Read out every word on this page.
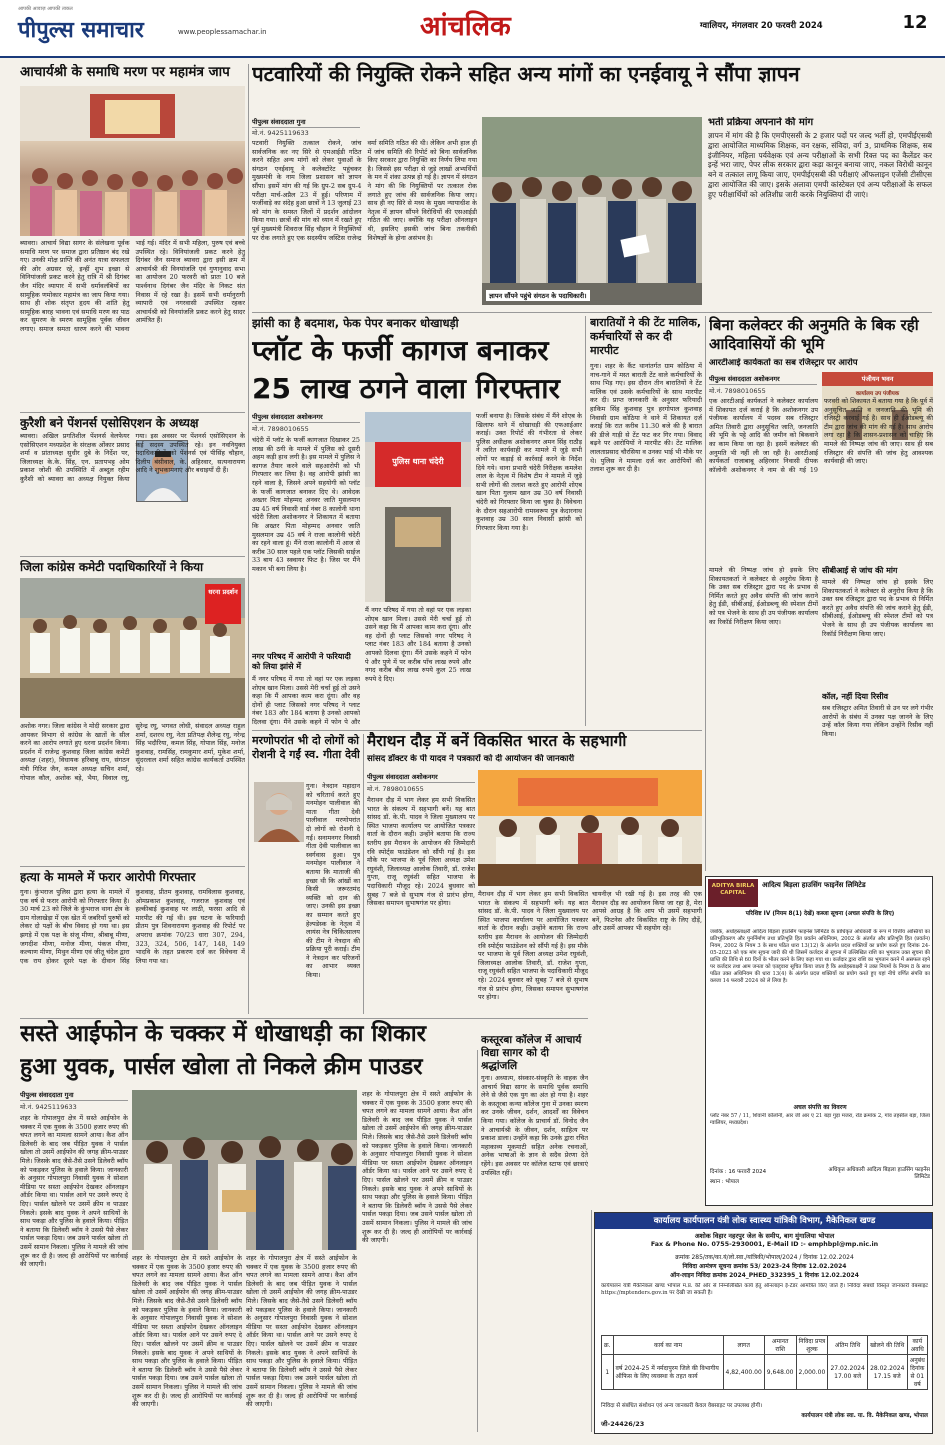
आपकी आवाज़ आपकी ताकत
पीपुल्स समाचार	www.peoplessamachar.in	आंचलिक	ग्वालियर, मंगलवार 20 फरवरी 2024	12
आचार्यश्री के समाधि मरण पर महामंत्र जाप
ब्यावरा। आचार्य विद्या सागर के संलेखना पूर्वक समाधि मरण पर समाज द्वारा प्रतिष्ठान बंद रखे गए। उनकी मोक्ष प्राप्ति की अनंत यात्रा सफलता की ओर अग्रसर रहे, इन्हीं शुभ इच्छा से विनियांजली प्रकट करने हेतु रात्रि में श्री दिगंबर जैन मंदिर व्यापार में सभी धर्मावलंबियों का सामूहिक णमोकार महामंत्र का जाप किया गया। साथ ही शोक संतृप्त हृदय की शांति हेतु सामूहिक बारह भावना एवं समाधि मरण का पाठ कर सुमरण के स्मरण सामूहिक पूर्वक जीवन लगाए। समाज समता धारण करने की भावना भाई गई। मंदिर में सभी महिला, पुरुष एवं बच्चे उपस्थित रहे। विनियांजली प्रकट करने हेतु दिगंबर जैन समाज ब्यावरा द्वारा इसी क्रम में आचार्यश्री की विनयांजलि एवं गुणानुवाद सभा का आयोजन 20 फरवरी को प्रातः 10 बजे पार्श्वनाथ दिगंबर जैन मंदिर के निकट संत निवास में रहे रखा है। इसमें सभी धर्मानुरागी व्यापारी एवं नगरवासी उपस्थित रहकर आचार्यश्री को विनयांजलि प्रकट करने हेतु सादर आमंत्रित हैं।
कुरैशी बने पेंशनर्स एसोसिएशन के अध्यक्ष
ब्यावरा। अखिल प्रगतिशील पेंशनर्स वेलफेयर एसोसिएशन मध्यप्रदेश के संरक्षक ओंकार प्रसाद शर्मा व प्रांताध्यक्ष सुधीर दुबे के निर्देश पर, जिलाध्यक्ष के.के. सिंह, एन. प्रतापभट्ट ओम प्रकाश जोशी की उपस्थिति में अब्दुल रहीम कुरैशी को ब्यावरा का अध्यक्ष नियुक्त किया गया। इस अवसर पर पेंशनर्स एसोसिएशन के कई सदस्य उपस्थित रहे। इन नवनियुक्त पदाधिकारियों को पेंशनर्स एवं पीसिंह चौहान, दिलीप बंसीवाल, के. अहिरवार, सत्यनारायण आदि ने शुभकामनाएं और बधाइयाँ दी हैं।
जिला कांग्रेस कमेटी पदाधिकारियों ने किया
धरना प्रदर्शन
अशोक नगर। जिला कांग्रेस ने मोदी सरकार द्वारा आयकर विभाग से कांग्रेस के खातों के सील करने का आरोप लगाते हुए धरना प्रदर्शन किया। प्रदर्शन में राजेन्द्र कुशवाह जिला कांग्रेस कमेटी अध्यक्ष (शहर), विधायक हरिबाबू राय, संगठन मंत्री गिरिश जैन, कमल अध्यक्ष सचिन शर्मा, गोपाल कौल, अशोक बड़े, भैया, विवाल रघु, सुरेन्द्र रघु, भगवत लोधी, संवादल अध्यक्ष राहुल शर्मा, दशरथ रघु, नेता प्रतिपक्ष शैलेन्द्र रघु, नरेन्द्र सिंह भदौरिया, कमल सिंह, गोपाल सिंह, मनोज कुशवाह, रामसिंह, रामकुमार शर्मा, मुकेश शर्मा, सुंदरलाल शर्मा सहित कांग्रेस कार्यकर्ता उपस्थित रहे।
हत्या के मामले में फरार आरोपी गिरफ्तार
गुना। कुंभराज पुलिस द्वारा हत्या के मामले में एक वर्ष से फरार आरोपी को गिरफ्तार किया है। 30 मार्च 23 को जिले के कुंभराज थाना क्षेत्र के ग्राम गोलाखेड़ा में एक खेत में जबरियाँ पुरुषों को लेकर दो पक्षों के बीच विवाद हो गया था। इस झगड़े में एक पक्ष के संजू मीणा, श्रीबाबू मीणा, जगदीश मीणा, मनोज मीणा, पंकज मीणा, कल्याण मीणा, मिथुन मीणा एवं जीतू चंदेल द्वारा एक राय होकर दूसरे पक्ष के दीवान सिंह कुशवाह, प्रीतम कुशवाह, रामविलास कुशवाह, ओमप्रकाश कुशवाह, गजराज कुशवाह एवं हल्कीबाई कुशवाह पर लाठी, फरसा आदि से मारपीट की गई थी। इस घटना के फरियादी प्रीतम पुत्र शिवनारायण कुशवाह की रिपोर्ट पर अपराध क्रमांक 70/23 धारा 307, 294, 323, 324, 506, 147, 148, 149 भादवि के तहत प्रकरण दर्ज कर विवेचना में लिया गया था।
पटवारियों की नियुक्ति रोकने सहित अन्य मांगों का एनईवायू ने सौंपा ज्ञापन
पीपुल्स संवाददाता गुना
मो.नं. 9425119633
पटवारी नियुक्ति तत्काल रोकने, जांच सार्वजनिक कर नए सिरे से एमआईडी गठित करने सहित अन्य मांगों को लेकर युवाओं के संगठन एनईवायू ने कलेक्टोरेट पहुंचकर मुख्यमंत्री के नाम जिला प्रशासन को ज्ञापन सौंपा। इसमें मांग की गई कि ग्रुप-2 सब ग्रुप-4 परीक्षा मार्च-अप्रैल 23 में हुई। परिणाम में फर्जीवाड़े का संदेह हुआ छात्रों ने 13 जुलाई 23 को मांग के समस्त जिलों में प्रदर्शन आंदोलन किया गया। छात्रों की मांग को ध्यान में रखते हुए पूर्व मुख्यमंत्री शिवराज सिंह चौहान ने नियुक्तियों पर रोक लगाते हुए एक सदस्यीय जस्टिस राजेन्द्र वर्मा समिति गठित की थी। लेकिन अभी हाल ही में जांच समिति की रिपोर्ट को बिना सार्वजनिक किए सरकार द्वारा नियुक्ति का निर्णय लिया गया है। जिससे इस परीक्षा से जुड़े लाखों अभ्यर्थियों के मन में शंका उत्पन्न हो गई है। ज्ञापन में संगठन ने मांग की कि नियुक्तियों पर तत्काल रोक लगाते हुए जांच की सार्वजनिक किया जाए। साथ ही नए सिरे से मध्य के मुख्य न्यायाधीश के नेतृत्व में ज्ञापन सौंपने विरोधियों की एसआईडी गठित की जाए। क्योंकि यह परीक्षा ऑनलाइन थी, इसलिए इसकी जांच बिना तकनीकी विशेषज्ञों के होना असंभव है।
ज्ञापन सौंपने पहुंचे संगठन के पदाधिकारी।
भर्ती प्रक्रिया अपनाने की मांग
ज्ञापन में मांग की है कि एमपीएससी के 2 हजार पदों पर जल्द भर्ती हो, एमपीईएसबी द्वारा आयोजित माध्यमिक शिक्षक, वन रक्षक, संविदा, वर्ग 3, प्राथमिक शिक्षक, सब इंजीनियर, महिला पर्यवेक्षक एवं अन्य परीक्षाओं के सभी रिक्त पद का कैलेंडर कर इन्हें भरा जाए, पेपर लीक सरकार द्वारा कड़ा कानून बनाया जाए, नकल विरोधी कानून बने व तत्काल लागू किया जाए, एमपीईएसबी की परीक्षाएं ऑफलाइन एजेंसी टीसीएस द्वारा आयोजित की जाए। इसके अलावा एमपी कांस्टेबल एवं अन्य परीक्षाओं के सफल हुए परीक्षार्थियों को अतिशीघ्र जारी करके नियुक्तियां दी जाएं।
झांसी का है बदमाश, फेक पेपर बनाकर धोखाधड़ी
प्लॉट के फर्जी कागज बनाकर
25 लाख ठगने वाला गिरफ्तार
पीपुल्स संवाददाता अशोकनगर
मो.नं. 7898010655
चंदेरी में प्लॉट के फर्जी कागजात दिखाकर 25 लाख की ठगी के मामले में पुलिस को दूसरी अहम कड़ी हाथ लगी है। इस मामले में पुलिस ने कागज तैयार करने वाले सहआरोपी को भी गिरफ्तार कर लिया है। वह आरोपी झांसी का रहने वाला है, जिसने अपने सहयोगी को प्लॉट के फर्जी कागजात बनाकर दिए थे। आवेदक अख्तर पिता मोहम्मद अनवर जाति मुसलमान उम्र 45 वर्ष निवासी वार्ड नंबर 8 कालोनी थाना चंदेरी जिला अशोकनगर ने शिकायत में बताया कि अख्तर पिता मोहम्मद अनवार जाति मुसलमान उम्र 45 वर्ष ने राजा कालोनी चंदेरी का रहने वाला हूं। मैंने राजा कालोनी में आज से करीब 30 साल पहले एक प्लॉट जिसकी साईज 33 बाय 43 स्क्वायर फिट है। जिस पर मैंने मकान भी बना लिया है।
नगर परिषद में आरोपी ने फरियादी को लिया झांसे में
मैं नगर परिषद में गया तो वहां पर एक लड़का शोएब खान मिला। उससे मेरी चर्चा हुई तो उसने कहा कि मैं आपका काम करा दूंगा। और वह दोनों ही प्लाट जिसको नगर परिषद ने प्लाट नंबर 183 और 184 बताया है उनको आपको दिलवा दूंगा। मैंने उसके कहने में फोन पे और
पुलिस थाना चंदेरी
मैं नगर परिषद में गया तो वहां पर एक लड़का शोएब खान मिला। उससे मेरी चर्चा हुई तो उसने कहा कि मैं आपका काम करा दूंगा। और वह दोनों ही प्लाट जिसको नगर परिषद ने प्लाट नंबर 183 और 184 बताया है उनको आपको दिलवा दूंगा। मैंने उसके कहने में फोन पे और पुणे में पर करीब पाँच लाख रुपये और नगद करीब बीस लाख रुपये कुल 25 लाख रुपये दे दिए।
फर्जी बनाया है। जिसके संबंध में मैंने शोएब के खिलाफ थाने में धोखाधड़ी की एफआईआर कराई। उक्त रिपोर्ट की गंभीरता से लेकर पुलिस अधीक्षक अशोकनगर अमन सिंह राठौड़ ने त्वरित कार्यवाही कर मामले में जुड़े सभी लोगों पर कड़ाई से कार्रवाई करने के निर्देश दिये गये। थाना प्रभारी चंदेरी निरीक्षक कमलेश लाल के नेतृत्व में विशेष टीम ने मामले में जुड़े सभी लोगों की तलाश करते हुए आरोपी शोएब खान पिता गुलाम खान उम्र 30 वर्ष निवासी चंदेरी को गिरफ्तार किया जा चुका है। विवेचना के दौरान सहआरोपी रामस्वरूप पुत्र केदारनाथ कुशवाह उम्र 30 साल निवासी झांसी को गिरफ्तार किया गया है।
बारातियों ने की टेंट मालिक, कर्मचारियों से कर दी मारपीट
गुना। शहर के कैंट थानांतर्गत ग्राम कोठिया में नाच-गाने में मस्त बाराती टेंट वाले कर्मचारियों के साथ भिड़ गए। इस दौरान तीन बारातियों ने टेंट मालिक एवं उसके कर्मचारियों के साथ मारपीट कर दी। प्राप्त जानकारी के अनुसार फरियादी हाकिम सिंह कुशवाह पुत्र हरगोपाल कुशवाह निवासी ग्राम कोठिया ने थाने में शिकायत दर्ज कराई कि रात करीब 11.30 बजे की है बारात की डीजे गाड़ी से टेंट फट कर गिर गया। विवाद बढ़ने पर आरोपियों ने मारपीट की। टेंट मालिक लालताप्रसाद चौरसिया व उनका भाई भी मौके पर थे। पुलिस ने मामला दर्ज कर आरोपियों की तलाश शुरू कर दी है।
बिना कलेक्टर की अनुमति के बिक रही आदिवासियों की भूमि
आरटीआई कार्यकर्ता का सब रजिस्ट्रार पर आरोप
पीपुल्स संवाददाता अशोकनगर
मो.नं. 7898010655
पंजीयन भवन
कार्यालय उप पंजीयक
एक आरटीआई कार्यकर्ता ने कलेक्टर कार्यालय में शिकायत दर्ज कराई है कि अशोकनगर उप पंजीयक कार्यालय में पदस्थ सब रजिस्ट्रार अमित तिवारी द्वारा अनुसूचित जाति, जनजाति की भूमि के पट्टे आदि की जमीन को बिकवाने का काम किया जा रहा है। इसमें कलेक्टर की अनुमति भी नहीं ली जा रही है। आरटीआई कार्यकर्ता राजाबाबू अहिरवार निवासी दीपक कॉलोनी अशोकनगर ने नाम से की गई 19 फरवरी को शिकायत में बताया गया है कि पूर्व में अनुसूचित जाति व जनजाति की भूमि की रजिस्ट्री करवाई गई है। साथ ही ईओडब्ल्यू की टीम द्वारा जांच की मांग की गई है। साथ आरोप लगा रहा है कि शासन-प्रशासन को चाहिए कि मामले की निष्पक्ष जांच की जाए। साथ ही सब रजिस्ट्रार की संपत्ति की जांच हेतु आवश्यक कार्यवाही की जाए।
सीबीआई से जांच की मांग
मामले की निष्पक्ष जांच हो इसके लिए शिकायतकर्ता ने कलेक्टर से अनुरोध किया है कि उक्त सब रजिस्ट्रार द्वारा पद के प्रभाव से निर्मित करते हुए अवैध संपत्ति की जांच कराने हेतु ईडी, सीबीआई, ईओडब्ल्यू की स्पेशल टीमों को पत्र भेजने के साथ ही उप पंजीयक कार्यालय का रिकॉर्ड निरीक्षण किया जाए।
कॉल, नहीं दिया रिसीव
सब रजिस्ट्रार अमित तिवारी से उन पर लगे गंभीर आरोपों के संबंध में उनका पक्ष जानने के लिए उन्हें कॉल किया गया लेकिन उन्होंने रिसीव नहीं किया।
मामले की निष्पक्ष जांच हो इसके लिए शिकायतकर्ता ने कलेक्टर से अनुरोध किया है कि उक्त सब रजिस्ट्रार द्वारा पद के प्रभाव से निर्मित करते हुए अवैध संपत्ति की जांच कराने हेतु ईडी, सीबीआई, ईओडब्ल्यू की स्पेशल टीमों को पत्र भेजने के साथ ही उप पंजीयक कार्यालय का रिकॉर्ड निरीक्षण किया जाए।
मरणोपरांत भी दो लोगों को रोशनी दे गईं स्व. गीता देवी
गुना। नेत्रदान महादान को चरितार्थ करते हुए मनमोहन पालीवाल की माता गीता देवी पालीवाल मरणोपरांत दो लोगों को रोशनी दे गईं। सनामनगर निवासी गीता देवी पालीवाल का स्वर्गवास हुआ। पुत्र मनमोहन पालीवाल ने बताया कि माताजी की इच्छा थी कि आंखों का किसी जरूरतमंद व्यक्ति को दान की जाए। उनकी इस इच्छा का सम्मान करते हुए हेल्पडेस्क के नेतृत्व में लायंस नेत्र चिकित्सालय की टीम ने नेत्रदान की प्रक्रिया पूरी कराई। टीम ने नेत्रदान कर परिजनों का आभार व्यक्त किया।
मैराथन दौड़ में बनें विकसित भारत के सहभागी
सांसद डॉक्टर के पी यादव ने पत्रकारों को दी आयोजन की जानकारी
पीपुल्स संवाददाता अशोकनगर
मो.नं. 7898010655
मैराथन दौड़ में भाग लेकर हम सभी विकसित भारत के संकल्प में सहभागी बनें। यह बात सांसद डॉ. के.पी. यादव ने जिला मुख्यालय पर स्थित भाजपा कार्यालय पर आयोजित पत्रकार वार्ता के दौरान कही। उन्होंने बताया कि राज्य स्तरीय इस मैराथन के आयोजन की जिम्मेदारी रवि स्पोर्ट्स फाउंडेशन को सौंपी गई है। इस मौके पर भाजपा के पूर्व जिला अध्यक्ष उमेश रघुवंशी, जिलाध्यक्ष आलोक तिवारी, डॉ. राजेश गुप्ता, राजू रघुवंशी सहित भाजपा के पदाधिकारी मौजूद रहे। 2024 बुधवार को सुबह 7 बजे से सुभाष गंज से प्रारंभ होगा, जिसका समापन सुभाषगंज पर होगा।
मैराथन दौड़ में भाग लेकर हम सभी विकसित भारत के संकल्प में सहभागी बनें। यह बात सांसद डॉ. के.पी. यादव ने जिला मुख्यालय पर स्थित भाजपा कार्यालय पर आयोजित पत्रकार वार्ता के दौरान कही। उन्होंने बताया कि राज्य स्तरीय इस मैराथन के आयोजन की जिम्मेदारी रवि स्पोर्ट्स फाउंडेशन को सौंपी गई है। इस मौके पर भाजपा के पूर्व जिला अध्यक्ष उमेश रघुवंशी, जिलाध्यक्ष आलोक तिवारी, डॉ. राजेश गुप्ता, राजू रघुवंशी सहित भाजपा के पदाधिकारी मौजूद रहे। 2024 बुधवार को सुबह 7 बजे से सुभाष गंज से प्रारंभ होगा, जिसका समापन सुभाषगंज पर होगा।
चायनीज़ भी रखी गई है। इस तरह की एक मैराथन दौड़ का आयोजन किया जा रहा है, मेरा आपसे आग्रह है कि आप भी उसमें सहभागी बनें, फिटनेस और विकसित राष्ट्र के लिए दौड़ें, और उसमें आपका भी सहयोग रहे।
ADITYA BIRLA CAPITAL
आदित्य बिड़ला हाउसिंग फाइनेंस लिमिटेड
परिशिष्ट IV (नियम 8(1) देखें) कब्जा सूचना (अचल संपत्ति के लिए)
जबकि, अधोहस्ताक्षरी आदित्य बिड़ला हाउसिंग फाइनेंस लिमिटेड के प्राधिकृत अधिकारी के रूप में वित्तीय आस्तियों का प्रतिभूतिकरण और पुनर्निर्माण तथा प्रतिभूति हित प्रवर्तन अधिनियम, 2002 के अंतर्गत और प्रतिभूति हित (प्रवर्तन) नियम, 2002 के नियम 3 के साथ पठित धारा 13(12) के अंतर्गत प्रदत्त शक्तियों का प्रयोग करते हुए दिनांक 24-05-2023 को एक मांग सूचना जारी की थी जिसमें कर्जदार से सूचना में उल्लिखित राशि का भुगतान उक्त सूचना की प्राप्ति की तिथि से 60 दिनों के भीतर करने के लिए कहा गया था। कर्जदार द्वारा राशि का भुगतान करने में असफल रहने पर कर्जदार तथा आम जनता को एतद्द्वारा सूचित किया जाता है कि अधोहस्ताक्षरी ने उक्त नियमों के नियम 8 के साथ पठित उक्त अधिनियम की धारा 13(4) के अंतर्गत प्रदत्त शक्तियों का प्रयोग करते हुए यहां नीचे वर्णित संपत्ति का कब्जा 14 फरवरी 2024 को ले लिया है।
अचल संपत्ति का विवरण
प्लॉट नंबर 57 / 11, शिवानी कॉलोनी, आर जी आर ए 21 बड़ा गुड़ा मजरा, रोड क्रमांक 2, गांव तहसील बड़ा, जिला ग्वालियर, मध्यप्रदेश।
दिनांक : 16 फरवरी 2024
स्थान : भोपाल
अधिकृत अधिकारी आदित्य बिड़ला हाउसिंग फाइनेंस लिमिटेड
सस्ते आईफोन के चक्कर में धोखाधड़ी का शिकार
हुआ युवक, पार्सल खोला तो निकले क्रीम पाउडर
पीपुल्स संवाददाता गुना
मो.नं. 9425119633
शहर के गोपालपुरा क्षेत्र में सस्ते आईफोन के चक्कर में एक युवक के 3500 हजार रुपए की चपत लगने का मामला सामने आया। कैश ऑन डिलेवरी के बाद जब पीड़ित युवक ने पार्सल खोला तो उसमें आईफोन की जगह क्रीम-पाउडर मिले। जिसके बाद जैसे-तैसे उसने डिलेवरी ब्वॉय को पकड़कर पुलिस के हवाले किया। जानकारी के अनुसार गोपालपुरा निवासी युवक ने सोशल मीडिया पर सस्ता आईफोन देखकर ऑनलाइन ऑर्डर किया था। पार्सल आने पर उसने रुपए दे दिए। पार्सल खोलने पर उसमें क्रीम व पाउडर निकले। इसके बाद युवक ने अपने साथियों के साथ पकड़ा और पुलिस के हवाले किया। पीड़ित ने बताया कि डिलेवरी ब्वॉय ने उससे पैसे लेकर पार्सल पकड़ा दिया। जब उसने पार्सल खोला तो उसमें सामान निकला। पुलिस ने मामले की जांच शुरू कर दी है। जल्द ही आरोपियों पर कार्रवाई की जाएगी।
शहर के गोपालपुरा क्षेत्र में सस्ते आईफोन के चक्कर में एक युवक के 3500 हजार रुपए की चपत लगने का मामला सामने आया। कैश ऑन डिलेवरी के बाद जब पीड़ित युवक ने पार्सल खोला तो उसमें आईफोन की जगह क्रीम-पाउडर मिले। जिसके बाद जैसे-तैसे उसने डिलेवरी ब्वॉय को पकड़कर पुलिस के हवाले किया। जानकारी के अनुसार गोपालपुरा निवासी युवक ने सोशल मीडिया पर सस्ता आईफोन देखकर ऑनलाइन ऑर्डर किया था। पार्सल आने पर उसने रुपए दे दिए। पार्सल खोलने पर उसमें क्रीम व पाउडर निकले। इसके बाद युवक ने अपने साथियों के साथ पकड़ा और पुलिस के हवाले किया। पीड़ित ने बताया कि डिलेवरी ब्वॉय ने उससे पैसे लेकर पार्सल पकड़ा दिया। जब उसने पार्सल खोला तो उसमें सामान निकला। पुलिस ने मामले की जांच शुरू कर दी है। जल्द ही आरोपियों पर कार्रवाई की जाएगी।
शहर के गोपालपुरा क्षेत्र में सस्ते आईफोन के चक्कर में एक युवक के 3500 हजार रुपए की चपत लगने का मामला सामने आया। कैश ऑन डिलेवरी के बाद जब पीड़ित युवक ने पार्सल खोला तो उसमें आईफोन की जगह क्रीम-पाउडर मिले। जिसके बाद जैसे-तैसे उसने डिलेवरी ब्वॉय को पकड़कर पुलिस के हवाले किया। जानकारी के अनुसार गोपालपुरा निवासी युवक ने सोशल मीडिया पर सस्ता आईफोन देखकर ऑनलाइन ऑर्डर किया था। पार्सल आने पर उसने रुपए दे दिए। पार्सल खोलने पर उसमें क्रीम व पाउडर निकले। इसके बाद युवक ने अपने साथियों के साथ पकड़ा और पुलिस के हवाले किया। पीड़ित ने बताया कि डिलेवरी ब्वॉय ने उससे पैसे लेकर पार्सल पकड़ा दिया। जब उसने पार्सल खोला तो उसमें सामान निकला। पुलिस ने मामले की जांच शुरू कर दी है। जल्द ही आरोपियों पर कार्रवाई की जाएगी।
शहर के गोपालपुरा क्षेत्र में सस्ते आईफोन के चक्कर में एक युवक के 3500 हजार रुपए की चपत लगने का मामला सामने आया। कैश ऑन डिलेवरी के बाद जब पीड़ित युवक ने पार्सल खोला तो उसमें आईफोन की जगह क्रीम-पाउडर मिले। जिसके बाद जैसे-तैसे उसने डिलेवरी ब्वॉय को पकड़कर पुलिस के हवाले किया। जानकारी के अनुसार गोपालपुरा निवासी युवक ने सोशल मीडिया पर सस्ता आईफोन देखकर ऑनलाइन ऑर्डर किया था। पार्सल आने पर उसने रुपए दे दिए। पार्सल खोलने पर उसमें क्रीम व पाउडर निकले। इसके बाद युवक ने अपने साथियों के साथ पकड़ा और पुलिस के हवाले किया। पीड़ित ने बताया कि डिलेवरी ब्वॉय ने उससे पैसे लेकर पार्सल पकड़ा दिया। जब उसने पार्सल खोला तो उसमें सामान निकला। पुलिस ने मामले की जांच शुरू कर दी है। जल्द ही आरोपियों पर कार्रवाई की जाएगी।
कस्तूरबा कॉलेज में आचार्य विद्या सागर को दी श्रद्धांजलि
गुना। अध्यात्म, संस्कार-संस्कृति के वाहक जैन आचार्य विद्या सागर के समाधि पूर्वक समाधि लेने से जैसे एक युग का अंत हो गया है। शहर के कस्तूरबा कन्या कॉलेज गुना में उनका स्मरण कर उनके जीवन, दर्शन, आदर्शों का विवेचन किया गया। कॉलेज के प्राचार्य डॉ. विनोद जैन ने आचार्यश्री के जीवन, दर्शन, साहित्य पर प्रकाश डाला। उन्होंने कहा कि उनके द्वारा रचित महाकाव्य मूकमाटी सहित अनेक रचनाओं, अनेक भाषाओं के ज्ञान से सदैव प्रेरणा देते रहेंगे। इस अवसर पर कॉलेज स्टाफ एवं छात्राएं उपस्थित रहीं।
कार्यालय कार्यपालन यंत्री लोक स्वास्थ्य यांत्रिकी विभाग, मैकेनिकल खण्ड
अशोक विहार नहरपुर जेल के समीप, बाग मुंगालिया भोपाल
Fax & Phone No. 0755-2930001, E-Mail ID :- emphbpl@mp.nic.in
क्रमांक 285/तक/का.यं/लो.स्वा./यांत्रिकी/भोपाल/2024 / दिनांक 12.02.2024
निविदा आमंत्रण सूचना क्रमांक 53/ 2023-24 दिनांक 12.02.2024
ऑन-लाइन निविदा क्रमांक 2024_PHED_332395_1 दिनांक 12.02.2024
कार्यपालन यंत्री मैकेनिकल खण्ड भोपाल म.प्र. की ओर से निम्नलिखित कार्य हेतु ऑनलाइन ई-टेंडर आमंत्रित किए जाते हैं। निविदा संबंधी विस्तृत जानकारी वेबसाइट https://mptenders.gov.in पर देखी जा सकती है।
क्र.	कार्य का नाम	लागत	अमानत राशि	निविदा प्रपत्र शुल्क	अंतिम तिथि	खोलने की तिथि	कार्य अवधि
1	वर्ष 2024-25 में नर्मदापुरम जिले की विभागीय ऑफिस के लिए व्यवस्था के तहत कार्य	4,82,400.00	9,648.00	2,000.00	27.02.2024 17.00 बजे	28.02.2024 17.15 बजे	अनुबंध दिनांक से 01 वर्ष
निविदा से संबंधित संशोधन एवं अन्य जानकारी केवल वेबसाइट पर उपलब्ध होगी।
जी-24426/23
कार्यपालन यंत्री लोक स्वा. या. वि. मैकेनिकल खण्ड, भोपाल
